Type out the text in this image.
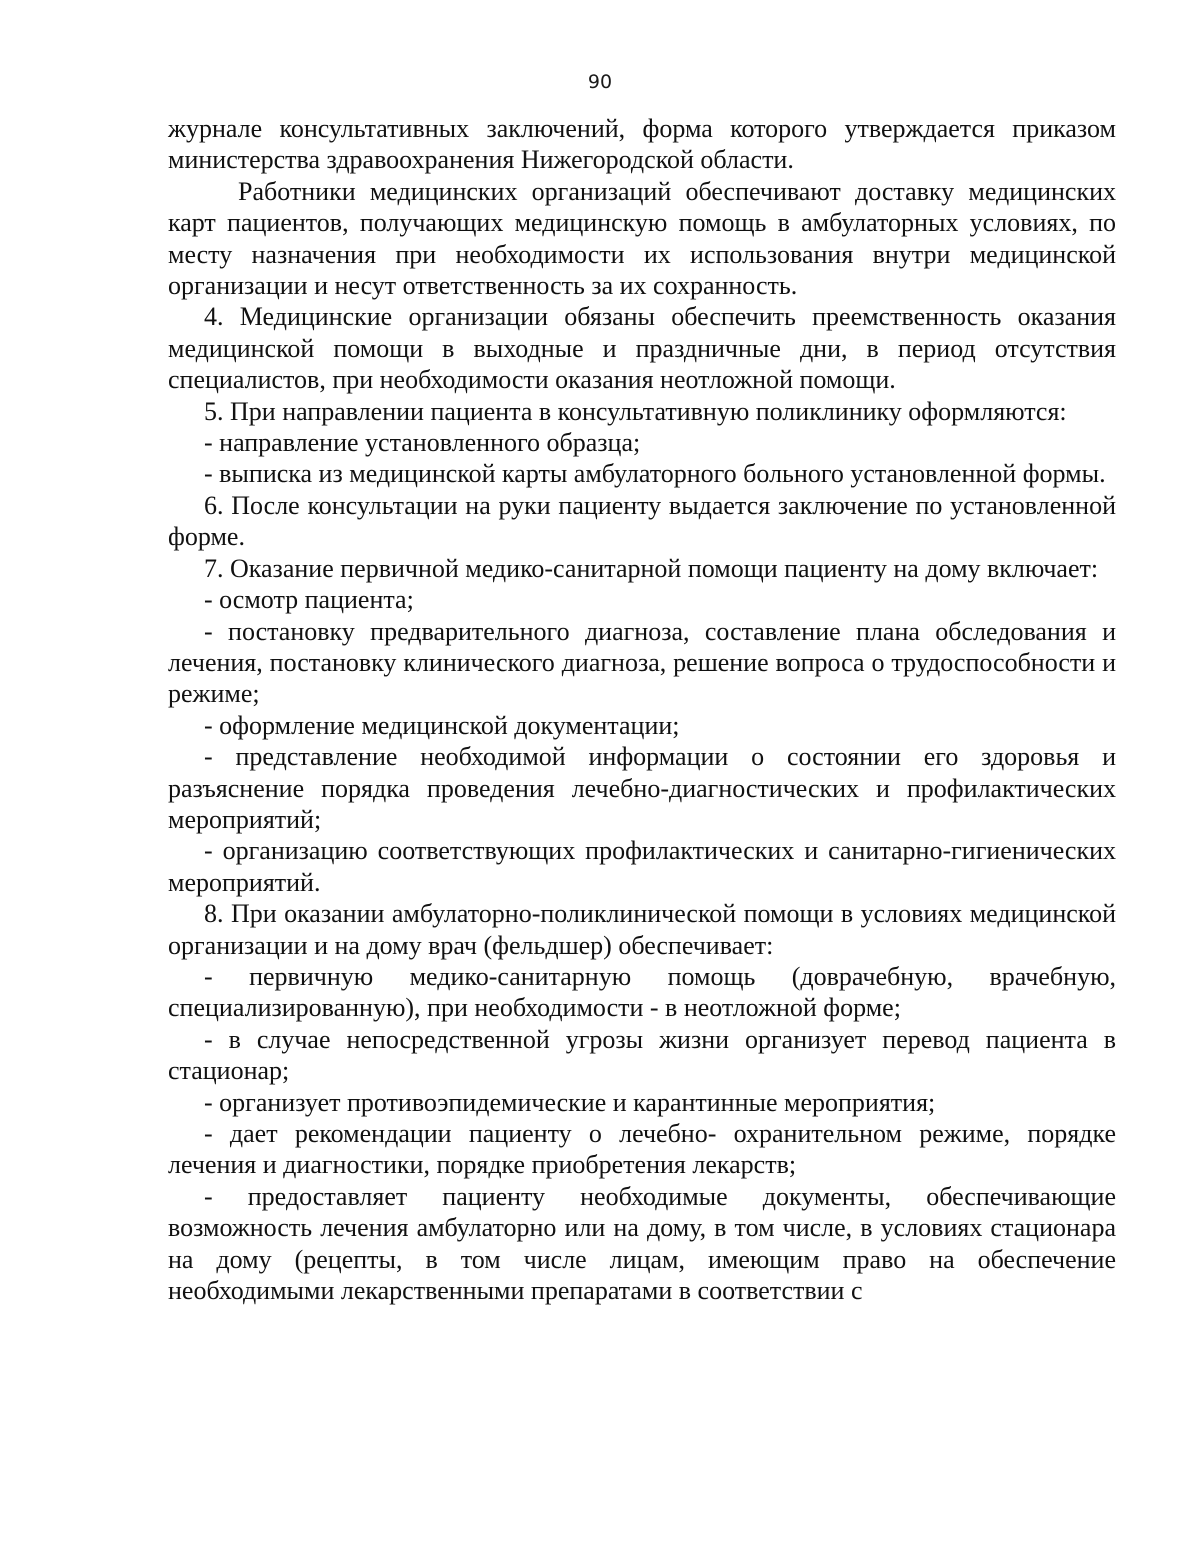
90

журнале консультативных заключений, форма которого утверждается приказом министерства здравоохранения Нижегородской области.

Работники медицинских организаций обеспечивают доставку медицинских карт пациентов, получающих медицинскую помощь в амбулаторных условиях, по месту назначения при необходимости их использования внутри медицинской организации и несут ответственность за их сохранность.

4. Медицинские организации обязаны обеспечить преемственность оказания медицинской помощи в выходные и праздничные дни, в период отсутствия специалистов, при необходимости оказания неотложной помощи.

5. При направлении пациента в консультативную поликлинику оформляются:

- направление установленного образца;

- выписка из медицинской карты амбулаторного больного установленной формы.

6. После консультации на руки пациенту выдается заключение по установленной форме.

7. Оказание первичной медико-санитарной помощи пациенту на дому включает:

- осмотр пациента;

- постановку предварительного диагноза, составление плана обследования и лечения, постановку клинического диагноза, решение вопроса о трудоспособности и режиме;

- оформление медицинской документации;

- представление необходимой информации о состоянии его здоровья и разъяснение порядка проведения лечебно-диагностических и профилактических мероприятий;

- организацию соответствующих профилактических и санитарно-гигиенических мероприятий.

8. При оказании амбулаторно-поликлинической помощи в условиях медицинской организации и на дому врач (фельдшер) обеспечивает:

- первичную медико-санитарную помощь (доврачебную, врачебную, специализированную), при необходимости - в неотложной форме;

- в случае непосредственной угрозы жизни организует перевод пациента в стационар;

- организует противоэпидемические и карантинные мероприятия;

- дает рекомендации пациенту о лечебно- охранительном режиме, порядке лечения и диагностики, порядке приобретения лекарств;

- предоставляет пациенту необходимые документы, обеспечивающие возможность лечения амбулаторно или на дому, в том числе, в условиях стационара на дому (рецепты, в том числе лицам, имеющим право на обеспечение необходимыми лекарственными препаратами в соответствии с
